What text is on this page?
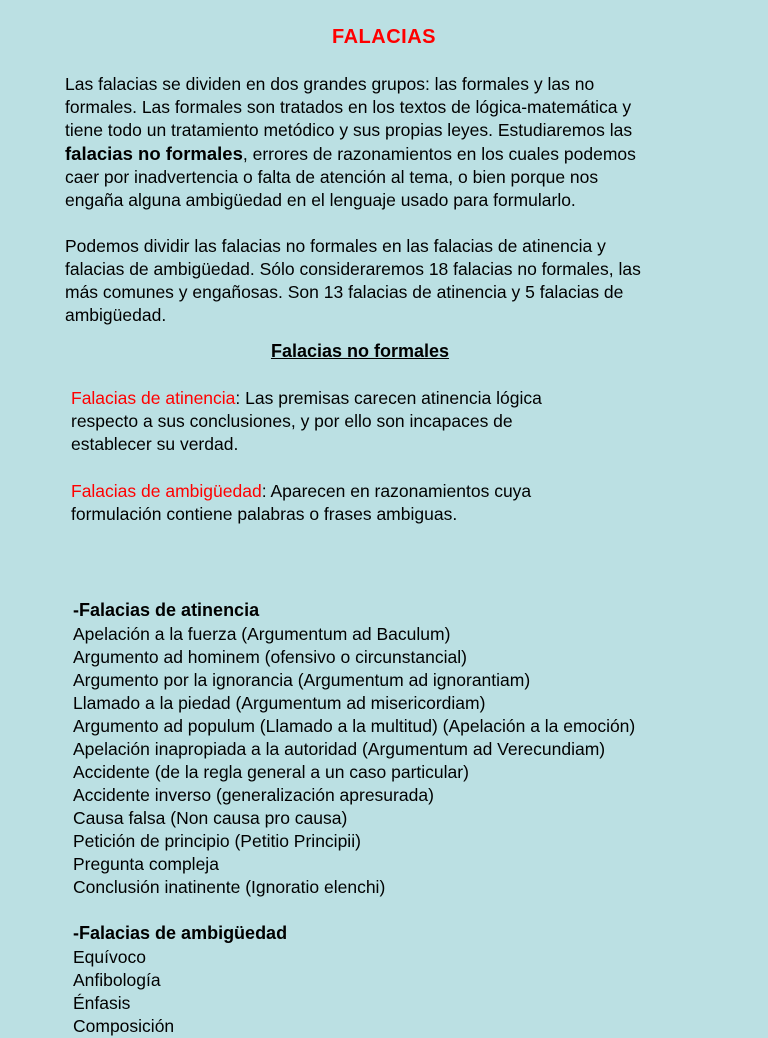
FALACIAS
Las falacias se dividen en dos grandes grupos: las formales y las no
formales. Las formales son tratados en los textos de lógica-matemática y
tiene todo un tratamiento metódico y sus propias leyes. Estudiaremos las
falacias no formales, errores de razonamientos en los cuales podemos
caer por inadvertencia o falta de atención al tema, o bien porque nos
engaña alguna ambigüedad en el lenguaje usado para formularlo.
Podemos dividir las falacias no formales en las falacias de atinencia y
falacias de ambigüedad. Sólo consideraremos 18 falacias no formales, las
más comunes y engañosas. Son 13 falacias de atinencia y 5 falacias de
ambigüedad.
Falacias no formales
Falacias de atinencia: Las premisas carecen atinencia lógica
respecto a sus conclusiones, y por ello son incapaces de
establecer su verdad.
Falacias de ambigüedad: Aparecen en razonamientos cuya
formulación contiene palabras o frases ambiguas.
-Falacias de atinencia
Apelación a la fuerza (Argumentum ad Baculum)
Argumento ad hominem (ofensivo o circunstancial)
Argumento por la ignorancia (Argumentum ad ignorantiam)
Llamado a la piedad (Argumentum ad misericordiam)
Argumento ad populum (Llamado a la multitud) (Apelación a la emoción)
Apelación inapropiada a la autoridad (Argumentum ad Verecundiam)
Accidente (de la regla general a un caso particular)
Accidente inverso (generalización apresurada)
Causa falsa (Non causa pro causa)
Petición de principio (Petitio Principii)
Pregunta compleja
Conclusión inatinente (Ignoratio elenchi)
-Falacias de ambigüedad
Equívoco
Anfibología
Énfasis
Composición
